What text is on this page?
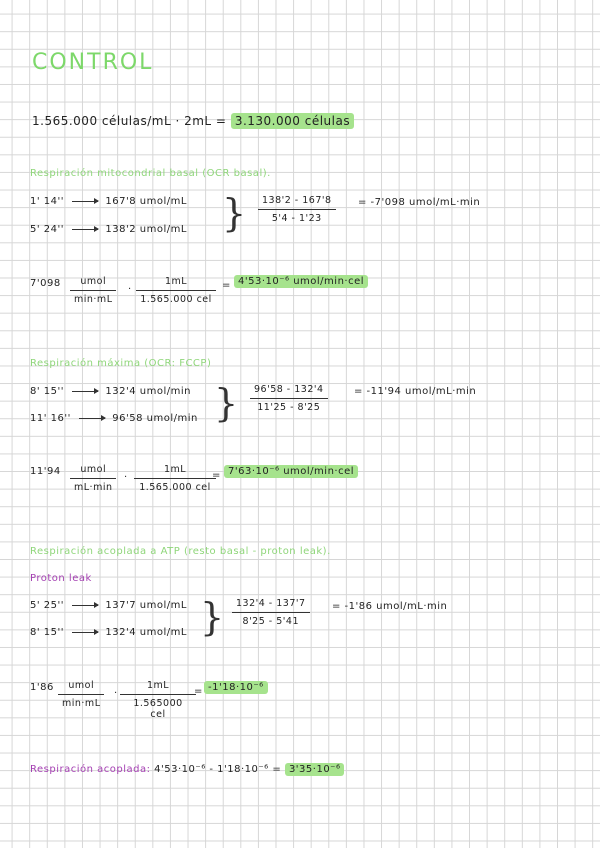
CONTROL
1.565.000 células/mL · 2mL = 3.130.000 células
Respiración mitocondrial basal (OCR basal).
1' 14''	167'8 umol/mL
5' 24''	138'2 umol/mL } $\frac{138'2 - 167'8}{5'4 - 1'23} = -7'098$ umol/mL·min
7'098	umol
min·mL
·
1mL
1.565.000 cel
= 4'53·10⁻⁶ umol/min·cel
Respiración máxima (OCR: FCCP)
8' 15''	132'4 umol/min
11' 16''	96'58 umol/min } $\frac{96'58 - 132'4}{11'25 - 8'25}$	= -11'94 umol/mL·min
11'94	umol
mL·min
·
1mL
1.565.000 cel
= 7'63·10⁻⁶ umol/min·cel
Respiración acoplada a ATP (resto basal - proton leak).
Proton leak
5' 25''	137'7 umol/mL
8' 15''	132'4 umol/mL } $\frac{132'4 - 137'7}{8'25 - 5'41} = -1'86$ umol/mL·min
1'86	umol
min·mL
·
1mL
1.565000 cel
= -1'18·10⁻⁶
Respiración acoplada: 4'53·10⁻⁶ - 1'18·10⁻⁶ = 3'35·10⁻⁶
